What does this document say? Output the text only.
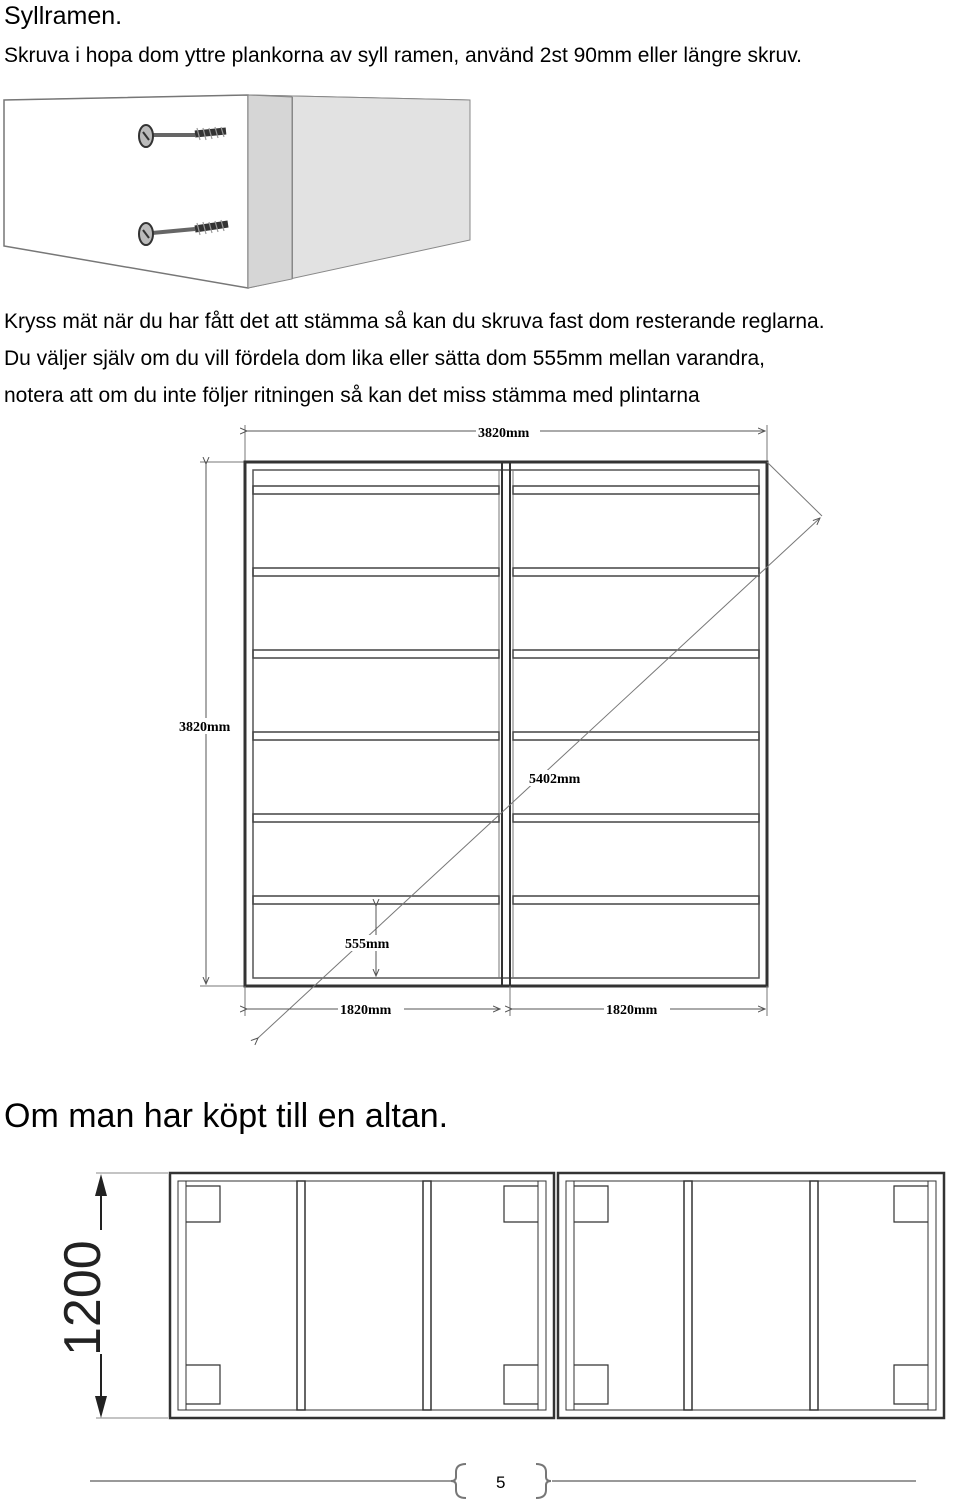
Syllramen.
Skruva i hopa dom yttre plankorna av syll ramen, använd 2st 90mm eller längre skruv.
Kryss mät när du har fått det att stämma så kan du skruva fast dom resterande reglarna.
Du väljer själv om du vill fördela dom lika eller sätta dom 555mm mellan varandra,
notera att om du inte följer ritningen så kan det miss stämma med plintarna
3820mm
3820mm
5402mm
555mm
1820mm	1820mm
Om man har köpt till en altan.
1200
5
